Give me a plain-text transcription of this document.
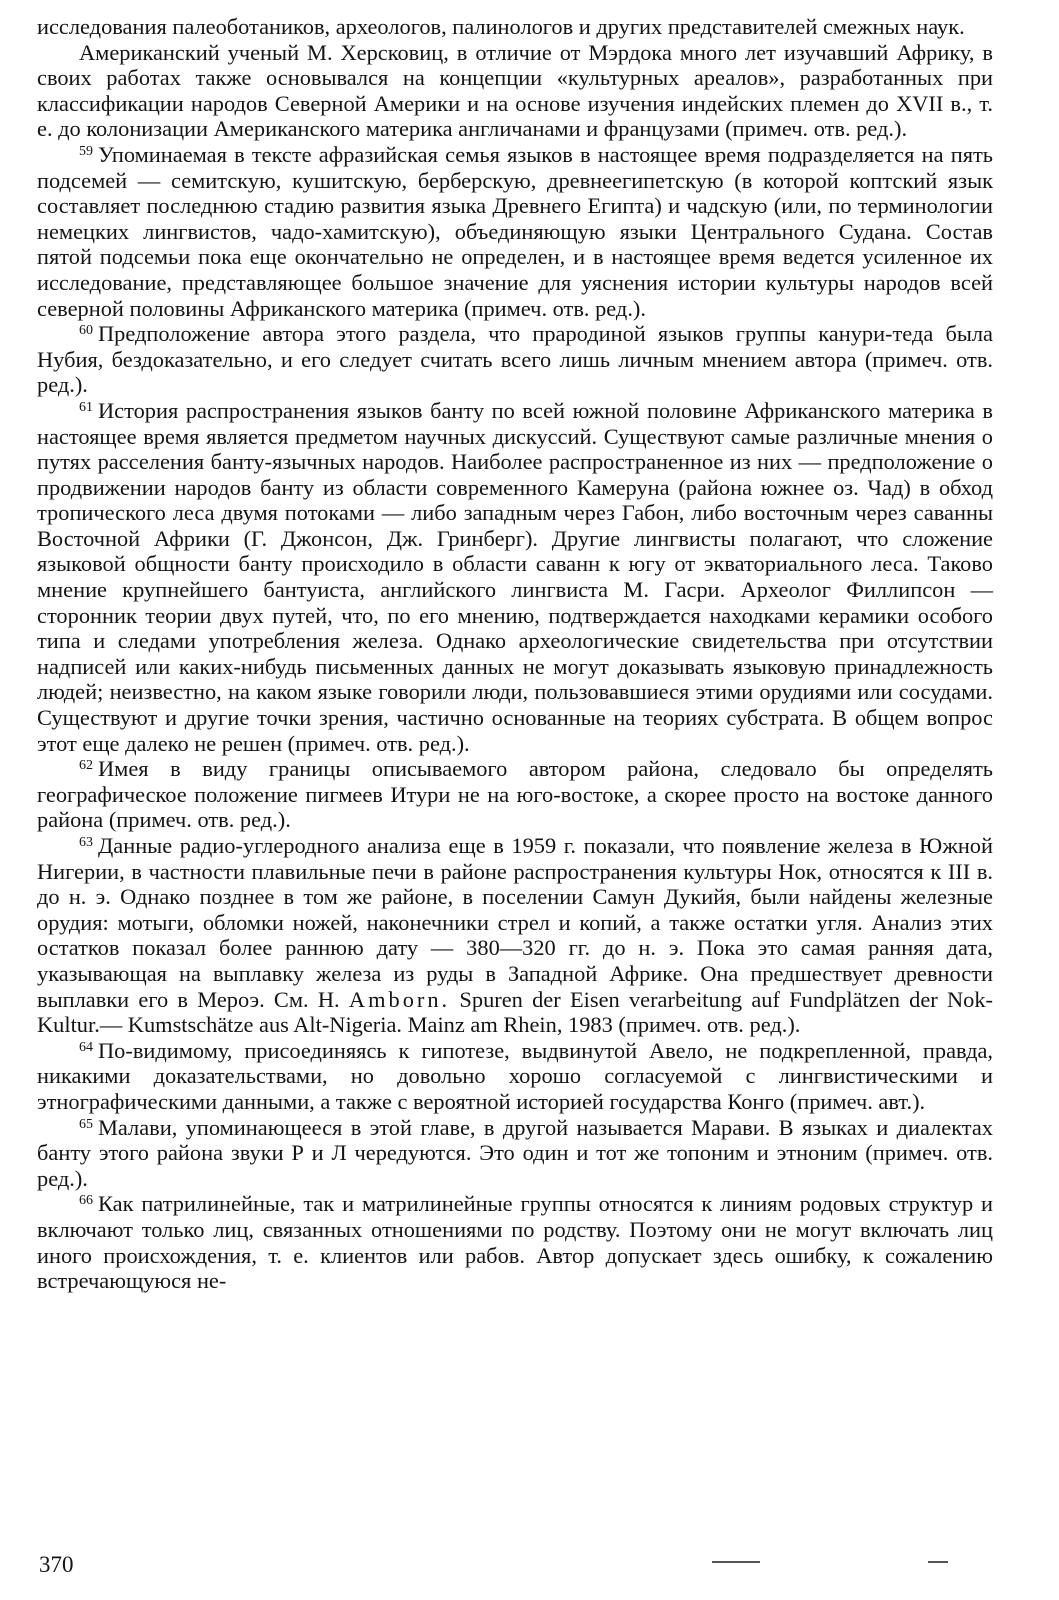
исследования палеоботаников, археологов, палинологов и других представителей смежных наук.

Американский ученый М. Херсковиц, в отличие от Мэрдока много лет изучавший Африку, в своих работах также основывался на концепции «культурных ареалов», разработанных при классификации народов Северной Америки и на основе изучения индейских племен до XVII в., т. е. до колонизации Американского материка англичанами и французами (примеч. отв. ред.).

$^{59}$ Упоминаемая в тексте афразийская семья языков в настоящее время подразделяется на пять подсемей — семитскую, кушитскую, берберскую, древнеегипетскую (в которой коптский язык составляет последнюю стадию развития языка Древнего Египта) и чадскую (или, по терминологии немецких лингвистов, чадо-хамитскую), объединяющую языки Центрального Судана. Состав пятой подсемьи пока еще окончательно не определен, и в настоящее время ведется усиленное их исследование, представляющее большое значение для уяснения истории культуры народов всей северной половины Африканского материка (примеч. отв. ред.).

$^{60}$ Предположение автора этого раздела, что прародиной языков группы канури-теда была Нубия, бездоказательно, и его следует считать всего лишь личным мнением автора (примеч. отв. ред.).

$^{61}$ История распространения языков банту по всей южной половине Африканского материка в настоящее время является предметом научных дискуссий. Существуют самые различные мнения о путях расселения банту-язычных народов. Наиболее распространенное из них — предположение о продвижении народов банту из области современного Камеруна (района южнее оз. Чад) в обход тропического леса двумя потоками — либо западным через Габон, либо восточным через саванны Восточной Африки (Г. Джонсон, Дж. Гринберг). Другие лингвисты полагают, что сложение языковой общности банту происходило в области саванн к югу от экваториального леса. Таково мнение крупнейшего бантуиста, английского лингвиста М. Гасри. Археолог Филлипсон — сторонник теории двух путей, что, по его мнению, подтверждается находками керамики особого типа и следами употребления железа. Однако археологические свидетельства при отсутствии надписей или каких-нибудь письменных данных не могут доказывать языковую принадлежность людей; неизвестно, на каком языке говорили люди, пользовавшиеся этими орудиями или сосудами. Существуют и другие точки зрения, частично основанные на теориях субстрата. В общем вопрос этот еще далеко не решен (примеч. отв. ред.).

$^{62}$ Имея в виду границы описываемого автором района, следовало бы определять географическое положение пигмеев Итури не на юго-востоке, а скорее просто на востоке данного района (примеч. отв. ред.).

$^{63}$ Данные радио-углеродного анализа еще в 1959 г. показали, что появление железа в Южной Нигерии, в частности плавильные печи в районе распространения культуры Нок, относятся к III в. до н. э. Однако позднее в том же районе, в поселении Самун Дукийя, были найдены железные орудия: мотыги, обломки ножей, наконечники стрел и копий, а также остатки угля. Анализ этих остатков показал более раннюю дату — 380—320 гг. до н. э. Пока это самая ранняя дата, указывающая на выплавку железа из руды в Западной Африке. Она предшествует древности выплавки его в Мероэ. См. H. Amborn. Spuren der Eisen verarbeitung auf Fundplätzen der Nok-Kultur.— Kumstschätze aus Alt-Nigeria. Mainz am Rhein, 1983 (примеч. отв. ред.).

$^{64}$ По-видимому, присоединяясь к гипотезе, выдвинутой Авело, не подкрепленной, правда, никакими доказательствами, но довольно хорошо согласуемой с лингвистическими и этнографическими данными, а также с вероятной историей государства Конго (примеч. авт.).

$^{65}$ Малави, упоминающееся в этой главе, в другой называется Марави. В языках и диалектах банту этого района звуки Р и Л чередуются. Это один и тот же топоним и этноним (примеч. отв. ред.).

$^{66}$ Как патрилинейные, так и матрилинейные группы относятся к линиям родовых структур и включают только лиц, связанных отношениями по родству. Поэтому они не могут включать лиц иного происхождения, т. е. клиентов или рабов. Автор допускает здесь ошибку, к сожалению встречающуюся не-

370
